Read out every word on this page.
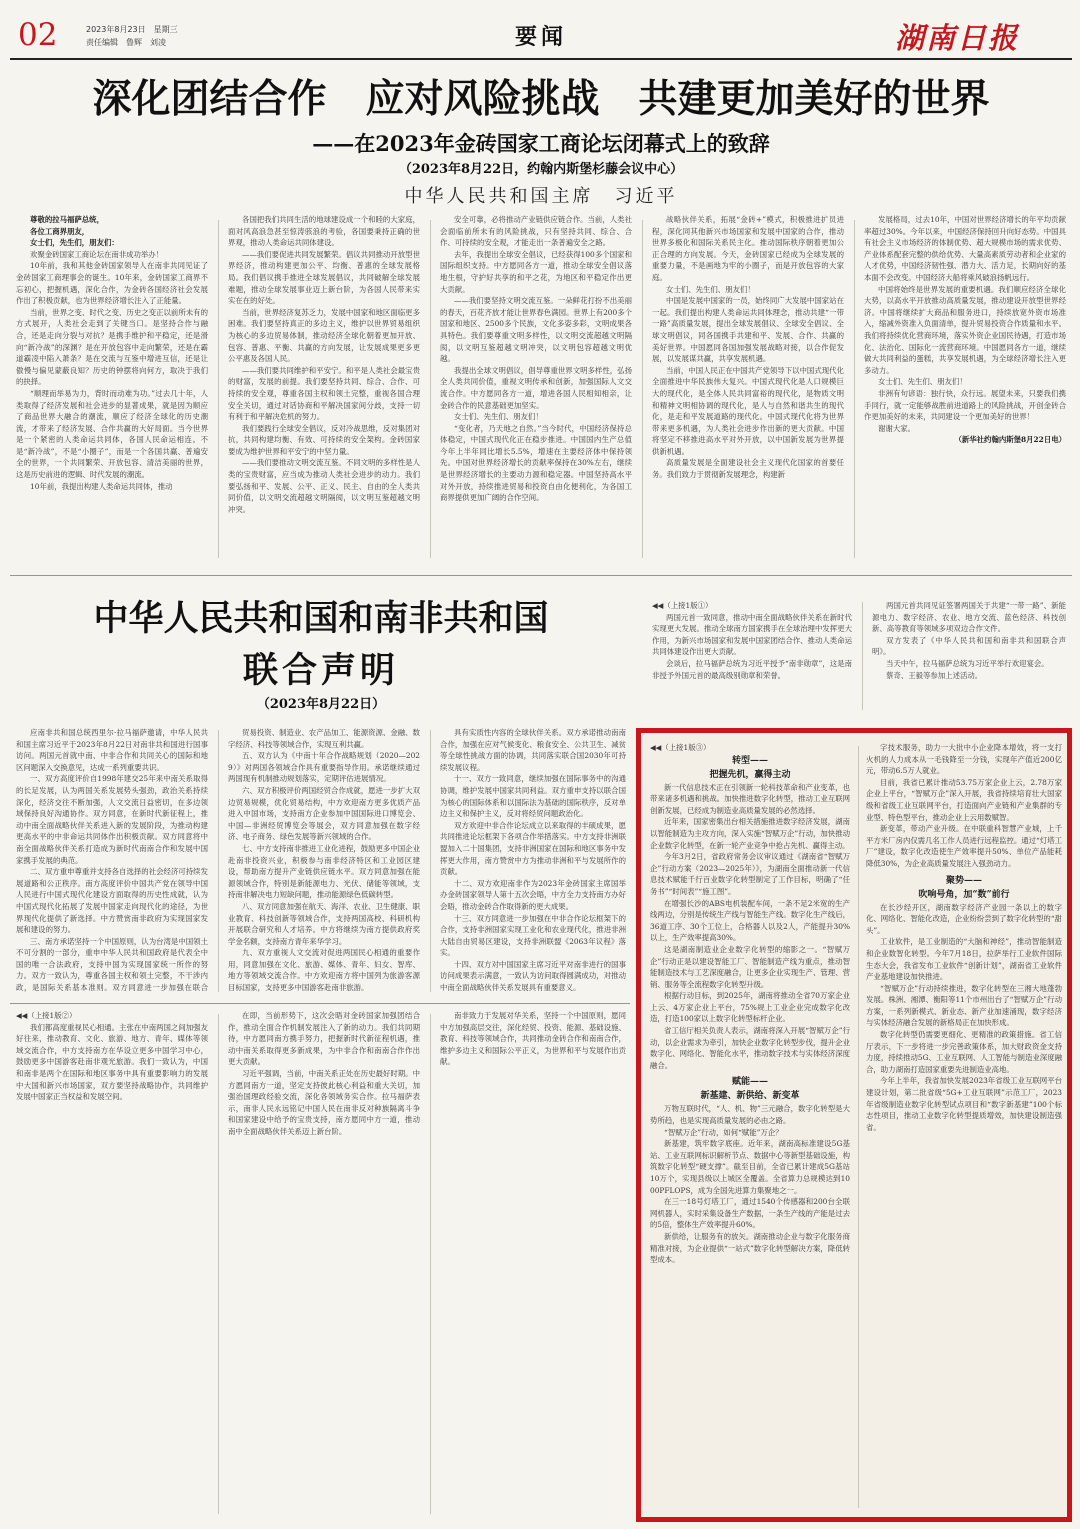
02	2023年8月23日　星期三
责任编辑　鲁辉　刘凌	要闻	湖南日报
深化团结合作　应对风险挑战　共建更加美好的世界
——在2023年金砖国家工商论坛闭幕式上的致辞
（2023年8月22日，约翰内斯堡杉藤会议中心）
中华人民共和国主席　习近平

尊敬的拉马福萨总统，

各位工商界朋友，

女士们，先生们，朋友们：

欢聚金砖国家工商论坛在南非成功举办！

10年前，我和其他金砖国家领导人在南非共同见证了金砖国家工商理事会的诞生。10年来，金砖国家工商界不忘初心，把握机遇，深化合作，为金砖各国经济社会发展作出了积极贡献，也为世界经济增长注入了正能量。

当前，世界之变、时代之变、历史之变正以前所未有的方式展开，人类社会走到了关键当口。是坚持合作与融合，还是走向分裂与对抗？是携手维护和平稳定，还是滑向“新冷战”的深渊？是在开放包容中走向繁荣，还是在霸道霸凌中陷入萧条？是在交流与互鉴中增进互信，还是让傲慢与偏见蒙蔽良知？历史的钟摆将向何方，取决于我们的抉择。

“顺理而举易为力，背时而动难为功。”过去几十年，人类取得了经济发展和社会进步的显著成果，就是因为顺应了商品世界大融合的潮流，顺应了经济全球化的历史潮流，才带来了经济发展、合作共赢的大好局面。当今世界是一个紧密的人类命运共同体，各国人民命运相连。不是“新冷战”，不是“小圈子”，而是一个各国共赢、普遍安全的世界，一个共同繁荣、开放包容、清洁美丽的世界，这是历史前进的逻辑、时代发展的潮流。

10年前，我提出构建人类命运共同体，推动

各国把我们共同生活的地球建设成一个和睦的大家庭，面对风高浪急甚至惊涛骇浪的考验，各国要秉持正确的世界观，推动人类命运共同体建设。

——我们要促进共同发展繁荣。倡议共同推动开放型世界经济，推动构建更加公平、均衡、普惠的全球发展格局。我们倡议携手推进全球发展倡议，共同破解全球发展难题，推动全球发展事业迈上新台阶，为各国人民带来实实在在的好处。

当前，世界经济复苏乏力，发展中国家和地区面临更多困难。我们要坚持真正的多边主义，维护以世界贸易组织为核心的多边贸易体制，推动经济全球化朝着更加开放、包容、普惠、平衡、共赢的方向发展，让发展成果更多更公平惠及各国人民。

——我们要共同维护和平安宁。和平是人类社会最宝贵的财富，发展的前提。我们要坚持共同、综合、合作、可持续的安全观，尊重各国主权和领土完整，重视各国合理安全关切，通过对话协商和平解决国家间分歧，支持一切有利于和平解决危机的努力。

我们要践行全球安全倡议，反对冷战思维，反对集团对抗，共同构建均衡、有效、可持续的安全架构。金砖国家要成为维护世界和平安宁的中坚力量。

——我们要推动文明交流互鉴。不同文明的多样性是人类的宝贵财富，应当成为推动人类社会进步的动力。我们要弘扬和平、发展、公平、正义、民主、自由的全人类共同价值，以文明交流超越文明隔阂，以文明互鉴超越文明冲突。

安全可靠，必将推动产业链供应链合作。当前，人类社会面临前所未有的风险挑战，只有坚持共同、综合、合作、可持续的安全观，才能走出一条普遍安全之路。

去年，我提出全球安全倡议，已经获得100多个国家和国际组织支持。中方愿同各方一道，推动全球安全倡议落地生根，守护好共享的和平之花，为地区和平稳定作出更大贡献。

——我们要坚持文明交流互鉴。一朵鲜花打扮不出美丽的春天，百花齐放才能让世界春色满园。世界上有200多个国家和地区、2500多个民族，文化多姿多彩，文明成果各具特色。我们要尊重文明多样性，以文明交流超越文明隔阂，以文明互鉴超越文明冲突，以文明包容超越文明优越。

我提出全球文明倡议，倡导尊重世界文明多样性，弘扬全人类共同价值，重视文明传承和创新，加强国际人文交流合作。中方愿同各方一道，增进各国人民相知相亲，让金砖合作的民意基础更加坚实。

女士们、先生们、朋友们！

“变化者，乃天地之自然。”当今时代，中国经济保持总体稳定，中国式现代化正在稳步推进。中国国内生产总值今年上半年同比增长5.5%，增速在主要经济体中保持领先。中国对世界经济增长的贡献率保持在30%左右，继续是世界经济增长的主要动力源和稳定器。中国坚持高水平对外开放，持续推进贸易和投资自由化便利化，为各国工商界提供更加广阔的合作空间。

战略伙伴关系，拓展“金砖+”模式，积极推进扩员进程，深化同其他新兴市场国家和发展中国家的合作，推动世界多极化和国际关系民主化。推动国际秩序朝着更加公正合理的方向发展。今天，金砖国家已经成为全球发展的重要力量，不是画地为牢的小圈子，而是开放包容的大家庭。

女士们、先生们、朋友们！

中国是发展中国家的一员，始终同广大发展中国家站在一起。我们提出构建人类命运共同体理念，推动共建“一带一路”高质量发展，提出全球发展倡议、全球安全倡议、全球文明倡议，同各国携手共建和平、发展、合作、共赢的美好世界。中国愿同各国加强发展战略对接，以合作促发展，以发展谋共赢，共享发展机遇。

当前，中国人民正在中国共产党领导下以中国式现代化全面推进中华民族伟大复兴。中国式现代化是人口规模巨大的现代化，是全体人民共同富裕的现代化，是物质文明和精神文明相协调的现代化，是人与自然和谐共生的现代化，是走和平发展道路的现代化。中国式现代化将为世界带来更多机遇，为人类社会进步作出新的更大贡献。中国将坚定不移推进高水平对外开放，以中国新发展为世界提供新机遇。

高质量发展是全面建设社会主义现代化国家的首要任务。我们致力于贯彻新发展理念，构建新

发展格局，过去10年，中国对世界经济增长的年平均贡献率超过30%。今年以来，中国经济保持回升向好态势。中国具有社会主义市场经济的体制优势、超大规模市场的需求优势、产业体系配套完整的供给优势、大量高素质劳动者和企业家的人才优势，中国经济韧性强、潜力大、活力足，长期向好的基本面不会改变。中国经济大船将乘风破浪扬帆远行。

中国将始终是世界发展的重要机遇。我们顺应经济全球化大势，以高水平开放推动高质量发展，推动建设开放型世界经济。中国将继续扩大商品和服务进口，持续放宽外资市场准入，缩减外资准入负面清单，提升贸易投资合作质量和水平。我们将持续优化营商环境，落实外资企业国民待遇，打造市场化、法治化、国际化一流营商环境。中国愿同各方一道，继续做大共同利益的蛋糕，共享发展机遇，为全球经济增长注入更多动力。

女士们、先生们、朋友们！

非洲有句谚语：独行快，众行远。展望未来，只要我们携手同行，就一定能够战胜前进道路上的风险挑战，开创金砖合作更加美好的未来，共同建设一个更加美好的世界！

谢谢大家。

（新华社约翰内斯堡8月22日电）

中华人民共和国和南非共和国
联合声明
（2023年8月22日）

◀◀（上接1版①）

两国元首一致同意，推动中南全面战略伙伴关系在新时代实现更大发展。推动全球南方国家携手在全球治理中发挥更大作用，为新兴市场国家和发展中国家团结合作、推动人类命运共同体建设作出更大贡献。

会谈后，拉马福萨总统为习近平授予“南非勋章”，这是南非授予外国元首的最高级别勋章和荣誉。

两国元首共同见证签署两国关于共建“一带一路”、新能源电力、数字经济、农业、地方交流、蓝色经济、科技创新、高等教育等领域多项双边合作文件。

双方发表了《中华人民共和国和南非共和国联合声明》。

当天中午，拉马福萨总统为习近平举行欢迎宴会。

蔡奇、王毅等参加上述活动。

应南非共和国总统西里尔·拉马福萨邀请，中华人民共和国主席习近平于2023年8月22日对南非共和国进行国事访问。两国元首就中南、中非合作和共同关心的国际和地区问题深入交换意见，达成一系列重要共识。

一、双方高度评价自1998年建交25年来中南关系取得的长足发展，认为两国关系发展势头强劲，政治关系持续深化，经济交往不断加强，人文交流日益密切，在多边领域保持良好沟通协作。双方同意，在新时代新征程上，推动中南全面战略伙伴关系进入新的发展阶段，为推动构建更高水平的中非命运共同体作出积极贡献。双方同意将中南全面战略伙伴关系打造成为新时代南南合作和发展中国家携手发展的典范。

二、双方重申尊重并支持各自选择的社会经济可持续发展道路和公正秩序。南方高度评价中国共产党在领导中国人民进行中国式现代化建设方面取得的历史性成就，认为中国式现代化拓展了发展中国家走向现代化的途径，为世界现代化提供了新选择。中方赞赏南非政府为实现国家发展和建设的努力。

三、南方承诺坚持一个中国原则，认为台湾是中国领土不可分割的一部分，重申中华人民共和国政府是代表全中国的唯一合法政府，支持中国为实现国家统一所作的努力。双方一致认为，尊重各国主权和领土完整，不干涉内政，是国际关系基本准则。双方同意进一步加强在联合

贸易投资、制造业、农产品加工、能源资源、金融、数字经济、科技等领域合作，实现互利共赢。

五、双方认为《中南十年合作战略规划（2020—2029）》对两国各领域合作具有重要指导作用。承诺继续通过两国现有机制推动规划落实，定期评估进展情况。

六、双方积极评价两国经贸合作成就，愿进一步扩大双边贸易规模，优化贸易结构，中方欢迎南方更多优质产品进入中国市场，支持南方企业参加中国国际进口博览会、中国—非洲经贸博览会等展会，双方同意加强在数字经济、电子商务、绿色发展等新兴领域的合作。

七、中方支持南非推进工业化进程，鼓励更多中国企业赴南非投资兴业，积极参与南非经济特区和工业园区建设，帮助南方提升产业链供应链水平。双方同意加强在能源领域合作，特别是新能源电力、光伏、储能等领域，支持南非解决电力短缺问题，推动能源绿色低碳转型。

八、双方同意加强在航天、海洋、农业、卫生健康、职业教育、科技创新等领域合作，支持两国高校、科研机构开展联合研究和人才培养。中方将继续为南方提供政府奖学金名额，支持南方青年来华学习。

九、双方重视人文交流对促进两国民心相通的重要作用，同意加强在文化、旅游、媒体、青年、妇女、智库、地方等领域交流合作。中方欢迎南方将中国列为旅游客源目标国家，支持更多中国游客赴南非旅游。

具有实质性内容的全球伙伴关系。双方承诺推动南南合作，加强在应对气候变化、粮食安全、公共卫生、减贫等全球性挑战方面的协调，共同落实联合国2030年可持续发展议程。

十一、双方一致同意，继续加强在国际事务中的沟通协调，维护发展中国家共同利益。双方重申支持以联合国为核心的国际体系和以国际法为基础的国际秩序，反对单边主义和保护主义，反对将经贸问题政治化。

双方欢迎中非合作论坛成立以来取得的丰硕成果，愿共同推进论坛框架下各项合作举措落实。中方支持非洲联盟加入二十国集团，支持非洲国家在国际和地区事务中发挥更大作用，南方赞赏中方为推动非洲和平与发展所作的贡献。

十二、双方欢迎南非作为2023年金砖国家主席国举办金砖国家领导人第十五次会晤，中方全力支持南方办好会晤，推动金砖合作取得新的更大成果。

十三、双方同意进一步加强在中非合作论坛框架下的合作，支持非洲国家实现工业化和农业现代化，推进非洲大陆自由贸易区建设，支持非洲联盟《2063年议程》落实。

十四、双方对中国国家主席习近平对南非进行的国事访问成果表示满意，一致认为访问取得圆满成功，对推动中南全面战略伙伴关系发展具有重要意义。

◀◀（上接1版②）

我们都高度重视民心相通。主张在中南两国之间加强友好往来，推动教育、文化、旅游、地方、青年、媒体等领域交流合作，中方支持南方在华设立更多中国学习中心，鼓励更多中国游客赴南非观光旅游。我们一致认为，中国和南非是两个在国际和地区事务中具有重要影响力的发展中大国和新兴市场国家，双方要坚持战略协作，共同维护发展中国家正当权益和发展空间。

在即，当前形势下，这次会晤对金砖国家加强团结合作，推动全面合作机制发展注入了新的动力。我们共同期待，中方愿同南方携手努力，把握新时代新征程机遇，推动中南关系取得更多新成果，为中非合作和南南合作作出更大贡献。

习近平强调，当前，中南关系正处在历史最好时期。中方愿同南方一道，坚定支持彼此核心利益和重大关切，加强治国理政经验交流，深化各领域务实合作。拉马福萨表示，南非人民永远铭记中国人民在南非反对种族隔离斗争和国家建设中给予的宝贵支持，南方愿同中方一道，推动南中全面战略伙伴关系迈上新台阶。

南非致力于发展对华关系，坚持一个中国原则，愿同中方加强高层交往，深化经贸、投资、能源、基础设施、教育、科技等领域合作，共同推动金砖合作和南南合作，维护多边主义和国际公平正义，为世界和平与发展作出贡献。

◀◀（上接1版③）

转型——

把握先机，赢得主动

新一代信息技术正在引领新一轮科技革命和产业变革，也带来诸多机遇和挑战。加快推进数字化转型，推动工业互联网创新发展，已经成为制造业高质量发展的必然选择。

近年来，国家密集出台相关措施推进数字经济发展，湖南以智能制造为主攻方向，深入实施“智赋万企”行动，加快推动企业数字化转型，在新一轮产业竞争中抢占先机、赢得主动。

今年3月2日，省政府常务会议审议通过《湖南省“智赋万企”行动方案（2023—2025年）》，为湖南全面推动新一代信息技术赋能千行百业数字化转型制定了工作目标，明确了“任务书”“时间表”“施工图”。

在增强长沙的ABS电机装配车间，一条不足2米宽的生产线两边，分别是传统生产线与智能生产线。数字化生产线后，36道工序、30个工位上，合格器人以及2人，产能提升30%以上，生产效率提高30%。

这是湖南制造业企业数字化转型的缩影之一。“智赋万企”行动正是以建设智能工厂、智能制造产线为重点，推动智能制造技术与工艺深度融合，让更多企业实现生产、管理、营销、服务等全流程数字化转型升级。

根据行动目标，到2025年，湖南将推动全省70万家企业上云、4万家企业上平台，75%规上工业企业完成数字化改造，打造100家以上数字化转型标杆企业。

省工信厅相关负责人表示，湖南将深入开展“智赋万企”行动，以企业需求为牵引，加快企业数字化转型步伐，提升企业数字化、网络化、智能化水平，推动数字技术与实体经济深度融合。

赋能——

新基建、新供给、新变革

万物互联时代，“人、机、物”三元融合，数字化转型是大势所趋，也是实现高质量发展的必由之路。

“智赋万企”行动，如何“赋能”万企？

新基建，筑牢数字底座。近年来，湖南高标准建设5G基站、工业互联网标识解析节点、数据中心等新型基础设施，构筑数字化转型“硬支撑”。截至目前，全省已累计建成5G基站10万个，实现县级以上城区全覆盖。全省算力总规模达到1000PFLOPS，成为全国先进算力集聚地之一。

在三一18号灯塔工厂，通过1540个传感器和200台全联网机器人，实时采集设备生产数据，一条生产线的产能是过去的5倍，整体生产效率提升60%。

新供给，让服务有的放矢。湖南推动企业与数字化服务商精准对接，为企业提供“一站式”数字化转型解决方案，降低转型成本。

字技术服务，助力一大批中小企业降本增效，将一支打火机的人力成本从一毛钱降至一分钱，实现年产值近200亿元，带动6.5万人就业。

目前，我省已累计推动53.75万家企业上云，2.78万家企业上平台，“智赋万企”深入开展，我省持续培育壮大国家级和省级工业互联网平台，打造面向产业链和产业集群的专业型、特色型平台，推动企业上云用数赋智。

新变革，带动产业升级。在中联重科智慧产业城，上千平方米厂房内仅需几名工作人员进行远程监控。通过“灯塔工厂”建设，数字化改造使生产效率提升50%、单位产品能耗降低30%，为企业高质量发展注入强劲动力。

聚势——

吹响号角，加“数”前行

在长沙经开区，湖南数字经济产业园一条以上的数字化、网络化、智能化改造，企业纷纷尝到了数字化转型的“甜头”。

工业软件，是工业制造的“大脑和神经”，推动智能制造和企业数智化转型。今年7月18日，拉萨举行工业软件国际生态大会，我省发布工业软件“创新计划”，湖南省工业软件产业基地建设加快推进。

“智赋万企”行动持续推进，数字化转型在三湘大地蓬勃发展。株洲、湘潭、衡阳等11个市州出台了“智赋万企”行动方案，一系列新模式、新业态、新产业加速涌现，数字经济与实体经济融合发展的新格局正在加快形成。

数字化转型仍需要更细化、更精准的政策措施。省工信厅表示，下一步将进一步完善政策体系，加大财政资金支持力度，持续推动5G、工业互联网、人工智能与制造业深度融合，助力湖南打造国家重要先进制造业高地。

今年上半年，我省加快发展2023年省级工业互联网平台建设计划，第二批省级“5G+工业互联网”示范工厂，2023年省级制造业数字化转型试点项目和“数字新基建”100个标志性项目，推动工业数字化转型提质增效，加快建设制造强省。
